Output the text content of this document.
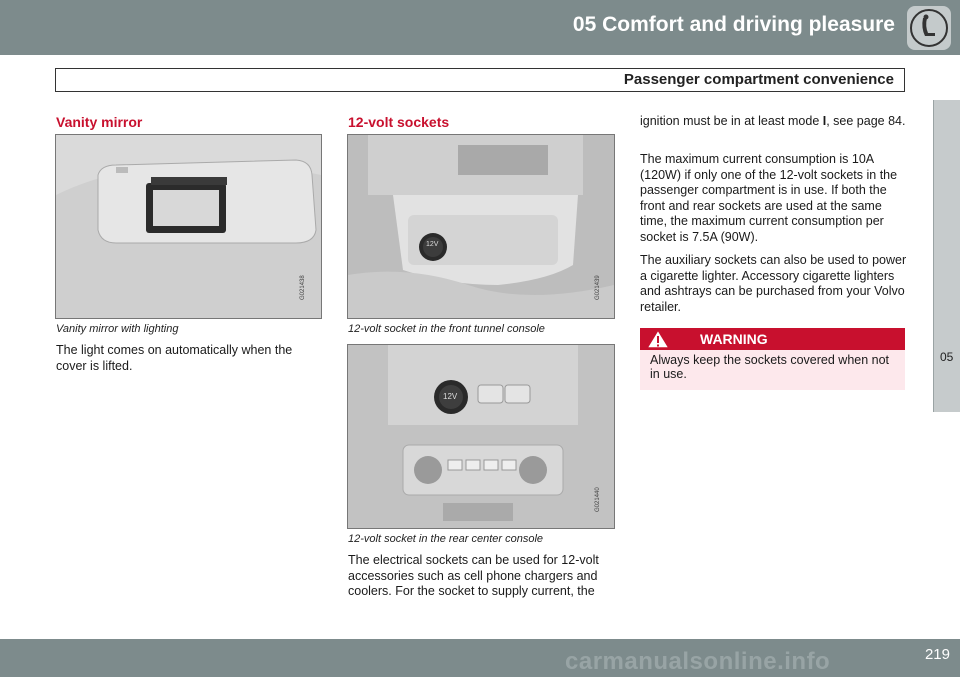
05 Comfort and driving pleasure
Passenger compartment convenience
05
Vanity mirror
G021438
Vanity mirror with lighting

The light comes on automatically when the cover is lifted.

12-volt sockets
12V
G021439
12-volt socket in the front tunnel console
12V
G021440
12-volt socket in the rear center console

The electrical sockets can be used for 12-volt accessories such as cell phone chargers and coolers. For the socket to supply current, the

ignition must be in at least mode I, see page 84.

The maximum current consumption is 10A (120W) if only one of the 12-volt sockets in the passenger compartment is in use. If both the front and rear sockets are used at the same time, the maximum current consumption per socket is 7.5A (90W).

The auxiliary sockets can also be used to power a cigarette lighter. Accessory cigarette lighters and ashtrays can be purchased from your Volvo retailer.

WARNING
Always keep the sockets covered when not in use.
carmanualsonline.info	219
